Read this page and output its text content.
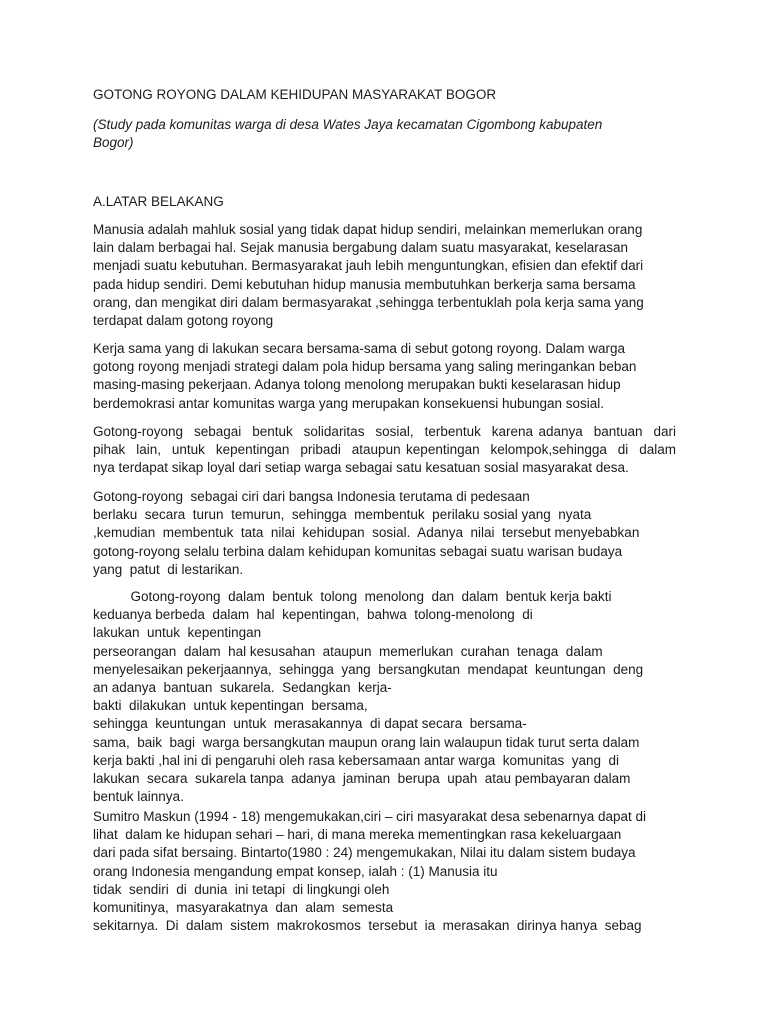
GOTONG ROYONG DALAM KEHIDUPAN MASYARAKAT BOGOR
(Study pada komunitas warga di desa Wates Jaya kecamatan Cigombong kabupaten
Bogor)
A.LATAR BELAKANG
Manusia adalah mahluk sosial yang tidak dapat hidup sendiri, melainkan memerlukan orang
lain dalam berbagai hal. Sejak manusia bergabung dalam suatu masyarakat, keselarasan
menjadi suatu kebutuhan. Bermasyarakat jauh lebih menguntungkan, efisien dan efektif dari
pada hidup sendiri. Demi kebutuhan hidup manusia membutuhkan berkerja sama bersama
orang, dan mengikat diri dalam bermasyarakat ,sehingga terbentuklah pola kerja sama yang
terdapat dalam gotong royong
Kerja sama yang di lakukan secara bersama-sama di sebut gotong royong. Dalam warga
gotong royong menjadi strategi dalam pola hidup bersama yang saling meringankan beban
masing-masing pekerjaan. Adanya tolong menolong merupakan bukti keselarasan hidup
berdemokrasi antar komunitas warga yang merupakan konsekuensi hubungan sosial.
Gotong-royong  sebagai  bentuk  solidaritas  sosial,  terbentuk  karena adanya  bantuan  dari
pihak  lain,  untuk  kepentingan  pribadi  ataupun kepentingan  kelompok,sehingga  di  dalam
nya terdapat sikap loyal dari setiap warga sebagai satu kesatuan sosial masyarakat desa.
Gotong-royong  sebagai ciri dari bangsa Indonesia terutama di pedesaan
berlaku  secara  turun  temurun,  sehingga  membentuk  perilaku sosial yang  nyata
,kemudian  membentuk  tata  nilai  kehidupan  sosial.  Adanya  nilai  tersebut menyebabkan
gotong-royong selalu terbina dalam kehidupan komunitas sebagai suatu warisan budaya
yang  patut  di lestarikan.
Gotong-royong  dalam  bentuk  tolong  menolong  dan  dalam  bentuk kerja bakti
keduanya berbeda  dalam  hal  kepentingan,  bahwa  tolong-menolong  di
lakukan  untuk  kepentingan
perseorangan  dalam  hal kesusahan  ataupun  memerlukan  curahan  tenaga  dalam
menyelesaikan pekerjaannya,  sehingga  yang  bersangkutan  mendapat  keuntungan  deng
an adanya  bantuan  sukarela.  Sedangkan  kerja-
bakti  dilakukan  untuk kepentingan  bersama,
sehingga  keuntungan  untuk  merasakannya  di dapat secara  bersama-
sama,  baik  bagi  warga bersangkutan maupun orang lain walaupun tidak turut serta dalam
kerja bakti ,hal ini di pengaruhi oleh rasa kebersamaan antar warga  komunitas  yang  di
lakukan  secara  sukarela tanpa  adanya  jaminan  berupa  upah  atau pembayaran dalam
bentuk lainnya.
Sumitro Maskun (1994 - 18) mengemukakan,ciri – ciri masyarakat desa sebenarnya dapat di
lihat  dalam ke hidupan sehari – hari, di mana mereka mementingkan rasa kekeluargaan
dari pada sifat bersaing. Bintarto(1980 : 24) mengemukakan, Nilai itu dalam sistem budaya
orang Indonesia mengandung empat konsep, ialah : (1) Manusia itu
tidak  sendiri  di  dunia  ini tetapi  di lingkungi oleh
komunitinya,  masyarakatnya  dan  alam  semesta
sekitarnya.  Di  dalam  sistem  makrokosmos  tersebut  ia  merasakan  dirinya hanya  sebag
